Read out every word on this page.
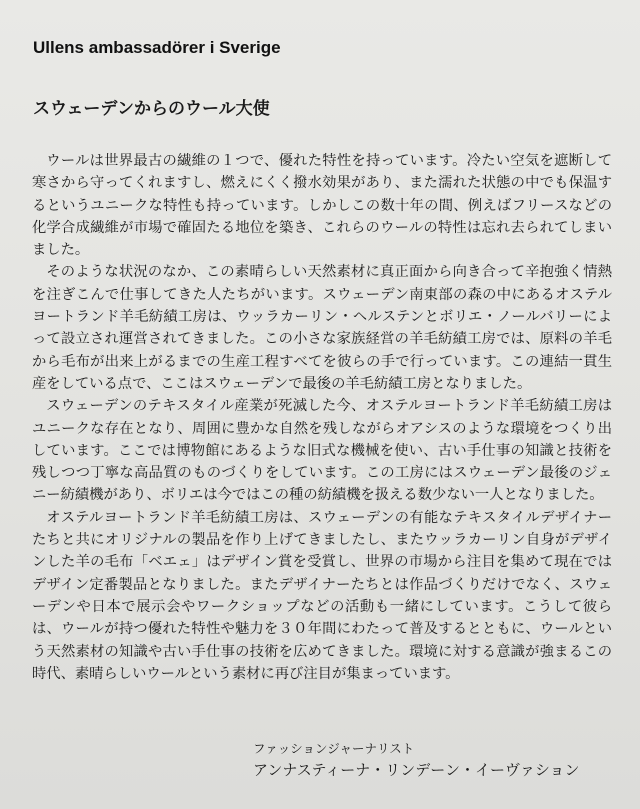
Ullens ambassadörer i Sverige
スウェーデンからのウール大使

ウールは世界最古の繊維の１つで、優れた特性を持っています。冷たい空気を遮断して寒さから守ってくれますし、燃えにくく撥水効果があり、また濡れた状態の中でも保温するというユニークな特性も持っています。しかしこの数十年の間、例えばフリースなどの化学合成繊維が市場で確固たる地位を築き、これらのウールの特性は忘れ去られてしまいました。

そのような状況のなか、この素晴らしい天然素材に真正面から向き合って辛抱強く情熱を注ぎこんで仕事してきた人たちがいます。スウェーデン南東部の森の中にあるオステルヨートランド羊毛紡績工房は、ウッラカーリン・ヘルステンとボリエ・ノールバリーによって設立され運営されてきました。この小さな家族経営の羊毛紡績工房では、原料の羊毛から毛布が出来上がるまでの生産工程すべてを彼らの手で行っています。この連結一貫生産をしている点で、ここはスウェーデンで最後の羊毛紡績工房となりました。

スウェーデンのテキスタイル産業が死滅した今、オステルヨートランド羊毛紡績工房はユニークな存在となり、周囲に豊かな自然を残しながらオアシスのような環境をつくり出しています。ここでは博物館にあるような旧式な機械を使い、古い手仕事の知識と技術を残しつつ丁寧な高品質のものづくりをしています。この工房にはスウェーデン最後のジェニー紡績機があり、ボリエは今ではこの種の紡績機を扱える数少ない一人となりました。

オステルヨートランド羊毛紡績工房は、スウェーデンの有能なテキスタイルデザイナーたちと共にオリジナルの製品を作り上げてきましたし、またウッラカーリン自身がデザインした羊の毛布「ベエェ」はデザイン賞を受賞し、世界の市場から注目を集めて現在ではデザイン定番製品となりました。またデザイナーたちとは作品づくりだけでなく、スウェーデンや日本で展示会やワークショップなどの活動も一緒にしています。こうして彼らは、ウールが持つ優れた特性や魅力を３０年間にわたって普及するとともに、ウールという天然素材の知識や古い手仕事の技術を広めてきました。環境に対する意識が強まるこの時代、素晴らしいウールという素材に再び注目が集まっています。

ファッションジャーナリスト
アンナスティーナ・リンデーン・イーヴァション
